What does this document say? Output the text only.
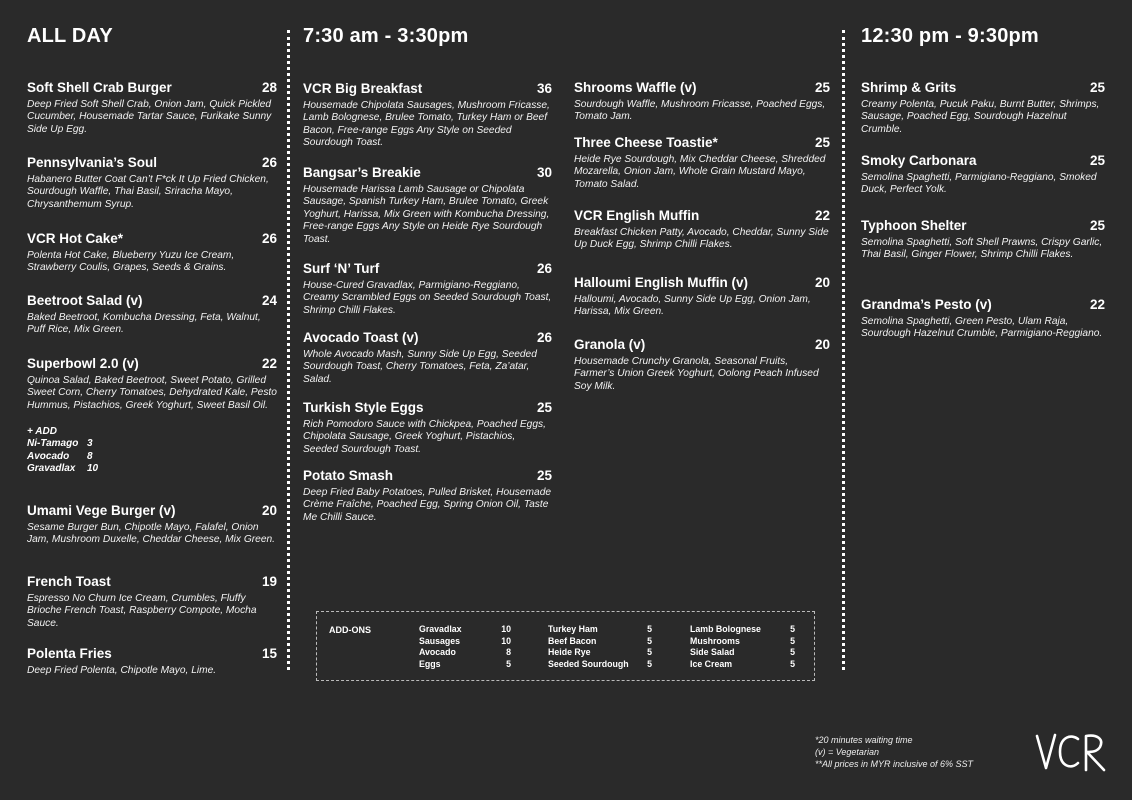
ALL DAY	7:30 am - 3:30pm	12:30 pm - 9:30pm
Soft Shell Crab Burger	28
Deep Fried Soft Shell Crab, Onion Jam, Quick Pickled Cucumber, Housemade Tartar Sauce, Furikake Sunny Side Up Egg.
Pennsylvania’s Soul	26
Habanero Butter Coat Can’t F*ck It Up Fried Chicken, Sourdough Waffle, Thai Basil, Sriracha Mayo, Chrysanthemum Syrup.
VCR Hot Cake*	26
Polenta Hot Cake, Blueberry Yuzu Ice Cream, Strawberry Coulis, Grapes, Seeds & Grains.
Beetroot Salad (v)	24
Baked Beetroot, Kombucha Dressing, Feta, Walnut, Puff Rice, Mix Green.
Superbowl 2.0 (v)	22
Quinoa Salad, Baked Beetroot, Sweet Potato, Grilled Sweet Corn, Cherry Tomatoes, Dehydrated Kale, Pesto Hummus, Pistachios, Greek Yoghurt, Sweet Basil Oil.
+ ADD
Ni-Tamago 3
Avocado	8
Gravadlax	10
Umami Vege Burger (v)	20
Sesame Burger Bun, Chipotle Mayo, Falafel, Onion Jam, Mushroom Duxelle, Cheddar Cheese, Mix Green.
French Toast	19
Espresso No Churn Ice Cream, Crumbles, Fluffy Brioche French Toast, Raspberry Compote, Mocha Sauce.
Polenta Fries	15
Deep Fried Polenta, Chipotle Mayo, Lime.
VCR Big Breakfast	36
Housemade Chipolata Sausages, Mushroom Fricasse, Lamb Bolognese, Brulee Tomato, Turkey Ham or Beef Bacon, Free-range Eggs Any Style on Seeded Sourdough Toast.
Bangsar’s Breakie	30
Housemade Harissa Lamb Sausage or Chipolata Sausage, Spanish Turkey Ham, Brulee Tomato, Greek Yoghurt, Harissa, Mix Green with Kombucha Dressing, Free-range Eggs Any Style on Heide Rye Sourdough Toast.
Surf ‘N’ Turf	26
House-Cured Gravadlax, Parmigiano-Reggiano, Creamy Scrambled Eggs on Seeded Sourdough Toast, Shrimp Chilli Flakes.
Avocado Toast (v)	26
Whole Avocado Mash, Sunny Side Up Egg, Seeded Sourdough Toast, Cherry Tomatoes, Feta, Za’atar, Salad.
Turkish Style Eggs	25
Rich Pomodoro Sauce with Chickpea, Poached Eggs, Chipolata Sausage, Greek Yoghurt, Pistachios, Seeded Sourdough Toast.
Potato Smash	25
Deep Fried Baby Potatoes, Pulled Brisket, Housemade Crème Fraîche, Poached Egg, Spring Onion Oil, Taste Me Chilli Sauce.
Shrooms Waffle (v)	25
Sourdough Waffle, Mushroom Fricasse, Poached Eggs, Tomato Jam.
Three Cheese Toastie*	25
Heide Rye Sourdough, Mix Cheddar Cheese, Shredded Mozarella, Onion Jam, Whole Grain Mustard Mayo, Tomato Salad.
VCR English Muffin	22
Breakfast Chicken Patty, Avocado, Cheddar, Sunny Side Up Duck Egg, Shrimp Chilli Flakes.
Halloumi English Muffin (v)	20
Halloumi, Avocado, Sunny Side Up Egg, Onion Jam, Harissa, Mix Green.
Granola (v)	20
Housemade Crunchy Granola, Seasonal Fruits, Farmer’s Union Greek Yoghurt, Oolong Peach Infused Soy Milk.
Shrimp & Grits	25
Creamy Polenta, Pucuk Paku, Burnt Butter, Shrimps, Sausage, Poached Egg, Sourdough Hazelnut Crumble.
Smoky Carbonara	25
Semolina Spaghetti, Parmigiano-Reggiano, Smoked Duck, Perfect Yolk.
Typhoon Shelter	25
Semolina Spaghetti, Soft Shell Prawns, Crispy Garlic, Thai Basil, Ginger Flower, Shrimp Chilli Flakes.
Grandma’s Pesto (v)	22
Semolina Spaghetti, Green Pesto, Ulam Raja, Sourdough Hazelnut Crumble, Parmigiano-Reggiano.
ADD-ONS	Gravadlax	10
Sausages	10
Avocado	8
Eggs	5
Turkey Ham	5
Beef Bacon	5
Heide Rye	5
Seeded Sourdough 5
Lamb Bolognese	5
Mushrooms	5
Side Salad	5
Ice Cream	5
*20 minutes waiting time
(v) = Vegetarian
**All prices in MYR inclusive of 6% SST
